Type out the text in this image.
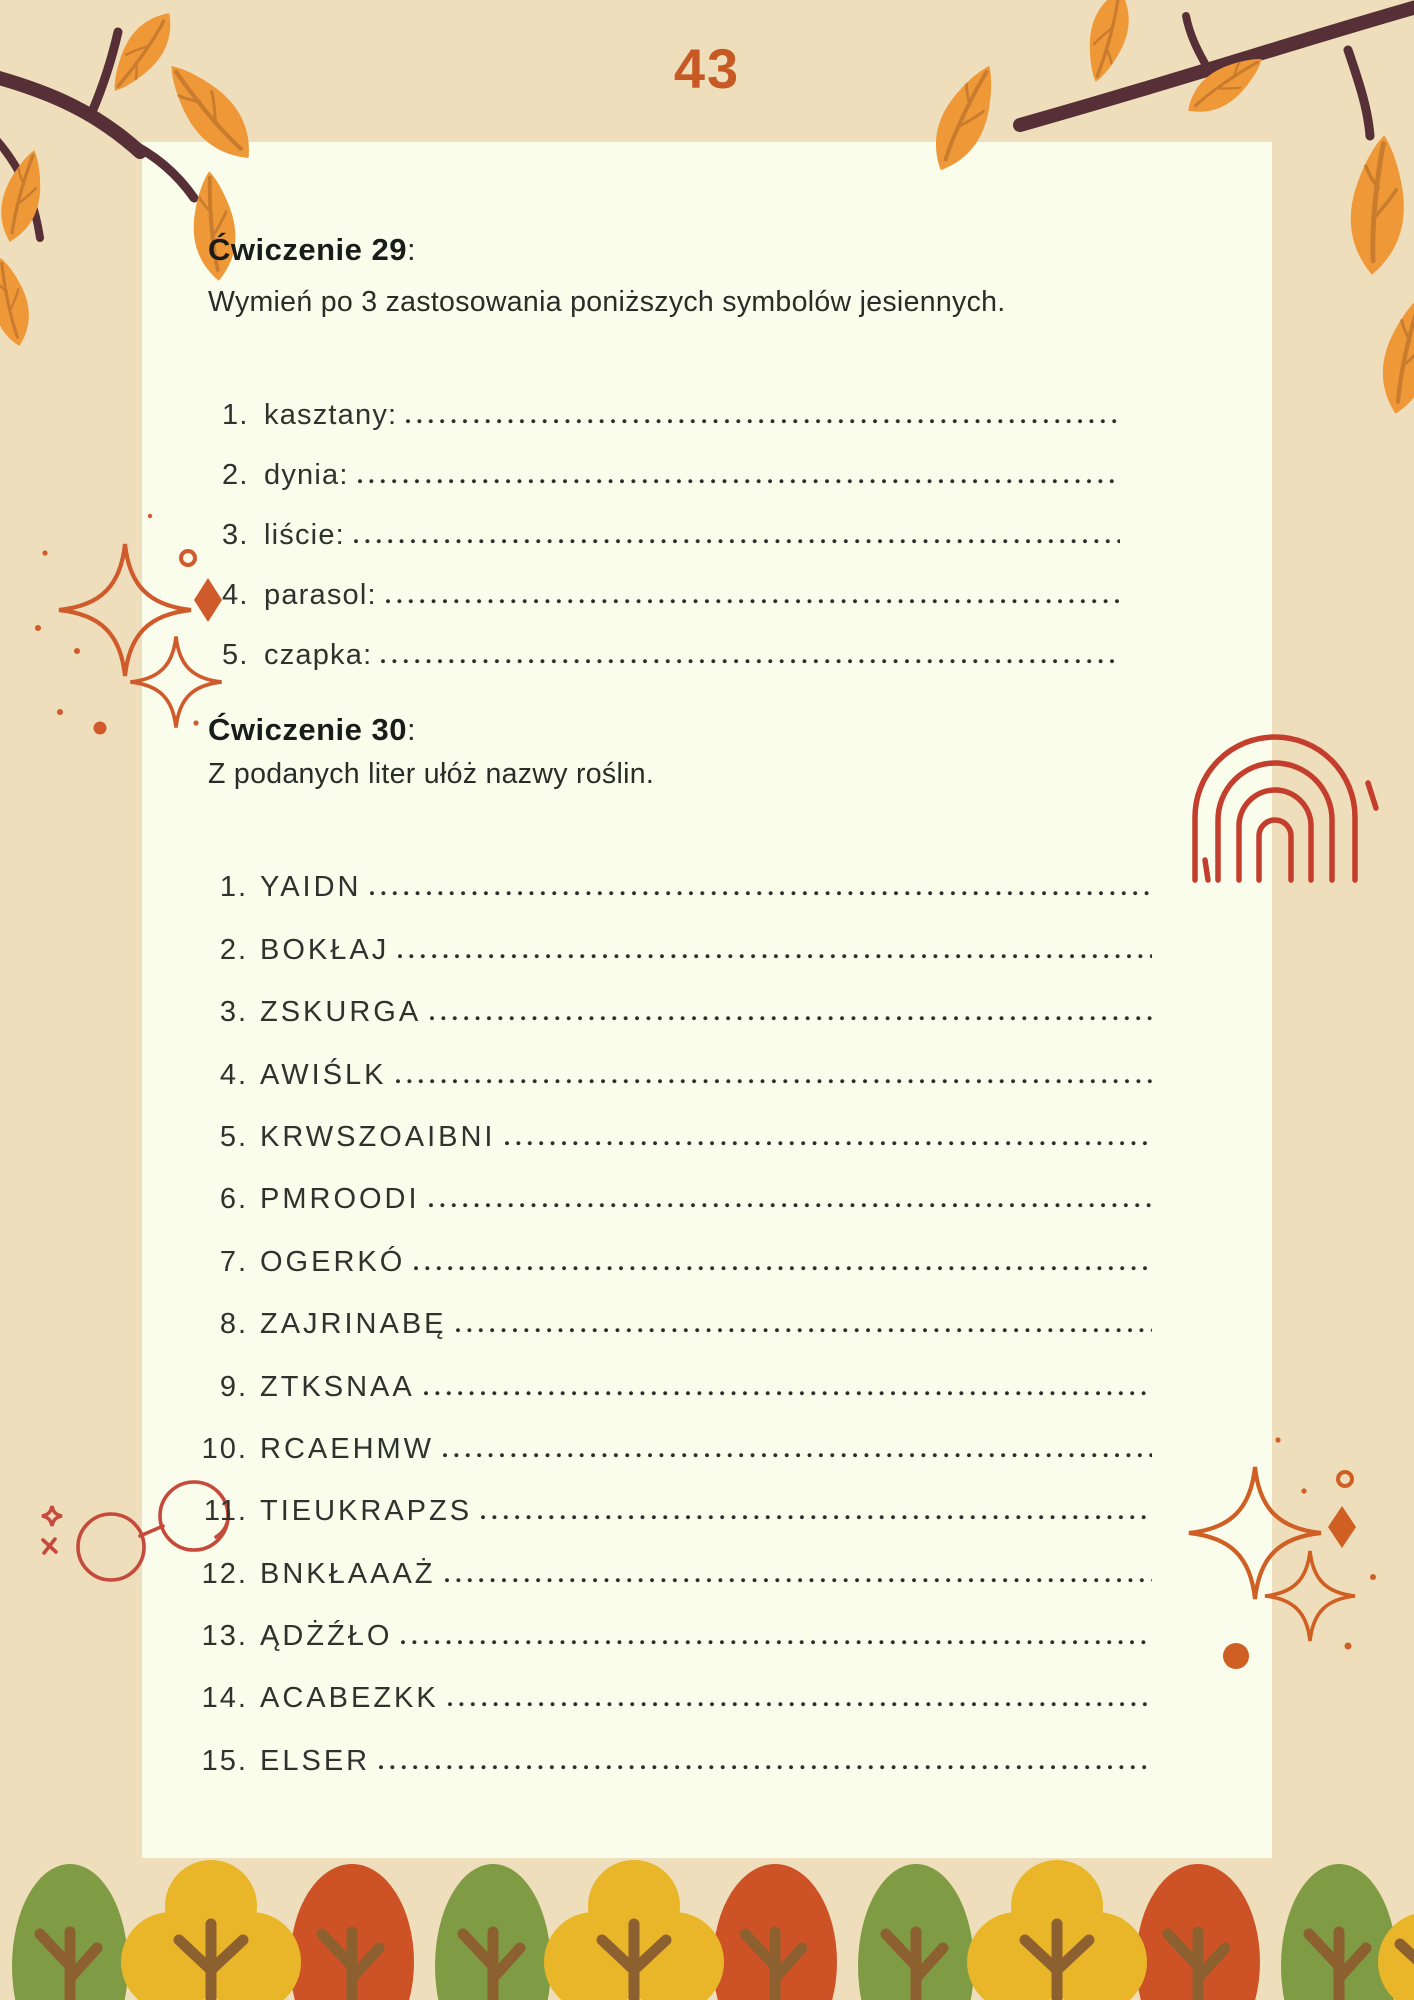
43
Ćwiczenie 29:
Wymień po 3 zastosowania poniższych symbolów jesiennych.
1. kasztany:
2. dynia:
3. liście:
4. parasol:
5. czapka:
Ćwiczenie 30:
Z podanych liter ułóż nazwy roślin.
1. YAIDN
2. BOKŁAJ
3. ZSKURGA
4. AWIŚLK
5. KRWSZOAIBNI
6. PMROODI
7. OGERKÓ
8. ZAJRINABĘ
9. ZTKSNAA
10. RCAEHMW
11. TIEUKRAPZS
12. BNKŁAAAŻ
13. ĄDŻŹŁO
14. ACABEZKK
15. ELSER
